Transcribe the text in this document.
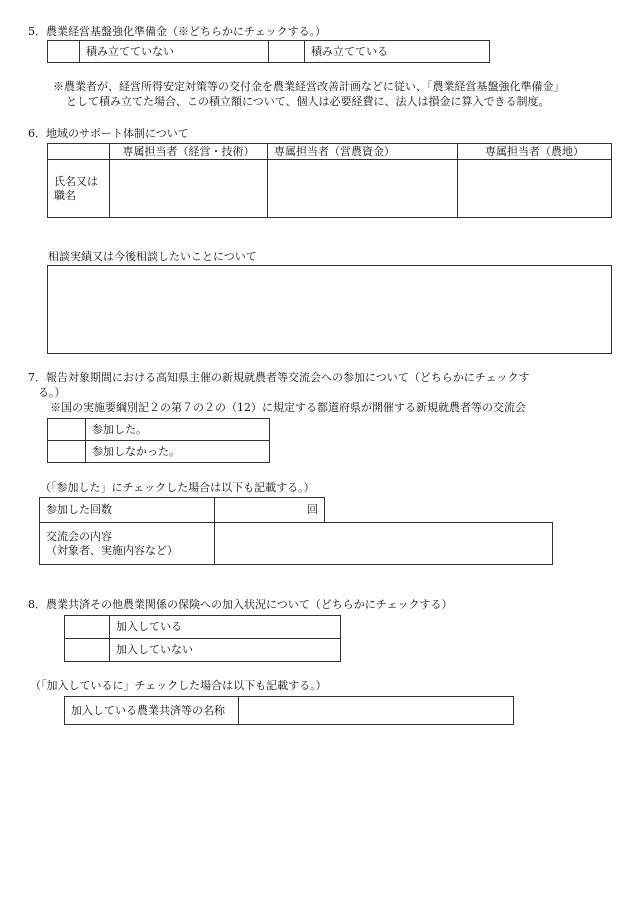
5．農業経営基盤強化準備金（※どちらかにチェックする。）
	積み立てていない		積み立てている
※農業者が、経営所得安定対策等の交付金を農業経営改善計画などに従い、「農業経営基盤強化準備金」
として積み立てた場合、この積立額について、個人は必要経費に、法人は損金に算入できる制度。
6．地域のサポート体制について
	専属担当者（経営・技術）	専属担当者（営農資金）	専属担当者（農地）

氏名又は
職名			

相談実績又は今後相談したいことについて
7．報告対象期間における高知県主催の新規就農者等交流会への参加について（どちらかにチェックす
る。）
※国の実施要綱別記２の第７の２の（12）に規定する都道府県が開催する新規就農者等の交流会
	参加した。
	参加しなかった。
（「参加した」にチェックした場合は以下も記載する。）
参加した回数	回
交流会の内容
（対象者、実施内容など）

8．農業共済その他農業関係の保険への加入状況について（どちらかにチェックする）
	加入している
	加入していない
（「加入しているに」チェックした場合は以下も記載する。）
加入している農業共済等の名称	
